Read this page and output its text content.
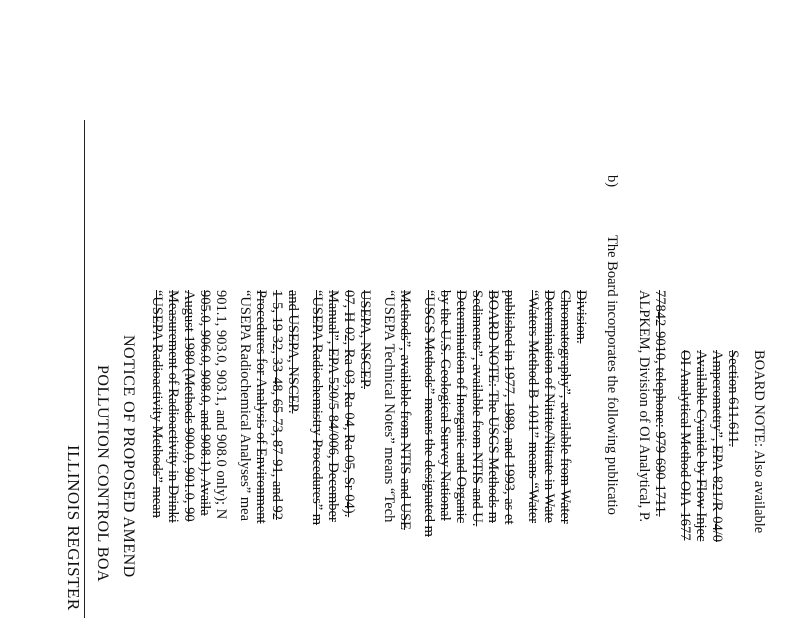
ILLINOIS REGISTER POLLUTION CONTROL BOA NOTICE OF PROPOSED AMEND “USEPA Radioactivity Methods” mean Measurement of Radioactivity in Drinki August 1980 (Methods 900.0, 901.0, 90 905.0, 906.0, 908.0, and 908.1). Availa 901.1, 903.0, 903.1, and 908.0 only); N “USEPA Radiochemical Analyses” mea Procedures for Analysis of Environment 1-5, 19-32, 33-48, 65-73, 87-91, and 92 and USEPA, NSCEP. “USEPA Radiochemistry Procedures” m Manual”, EPA 520/5-84/006, December 07, H-02, Ra-03, Ra-04, Ra-05, Sr-04). USEPA, NSCEP. “USEPA Technical Notes” means “Tech Methods”, available from NTIS and USE “USGS Methods” means the designated m by the U.S. Geological Survey National Determination of Inorganic and Organic Sediments”, available from NTIS and U. BOARD NOTE: The USGS Methods m published in 1977, 1989, and 1993, as et “Waters Method B-1011” means “Water Determination of Nitrite/Nitrate in Wate Chromatography”, available from Water Division.
b)
The Board incorporates the following publicatio ALPKEM, Division of OI Analytical, P. 77842-9010, telephone: 979-690-1711. OI Analytical Method OIA-1677 Available Cyanide by Flow Injec Amperometry”, EPA-821/R-04/0 Section 611.611. BOARD NOTE: Also available
